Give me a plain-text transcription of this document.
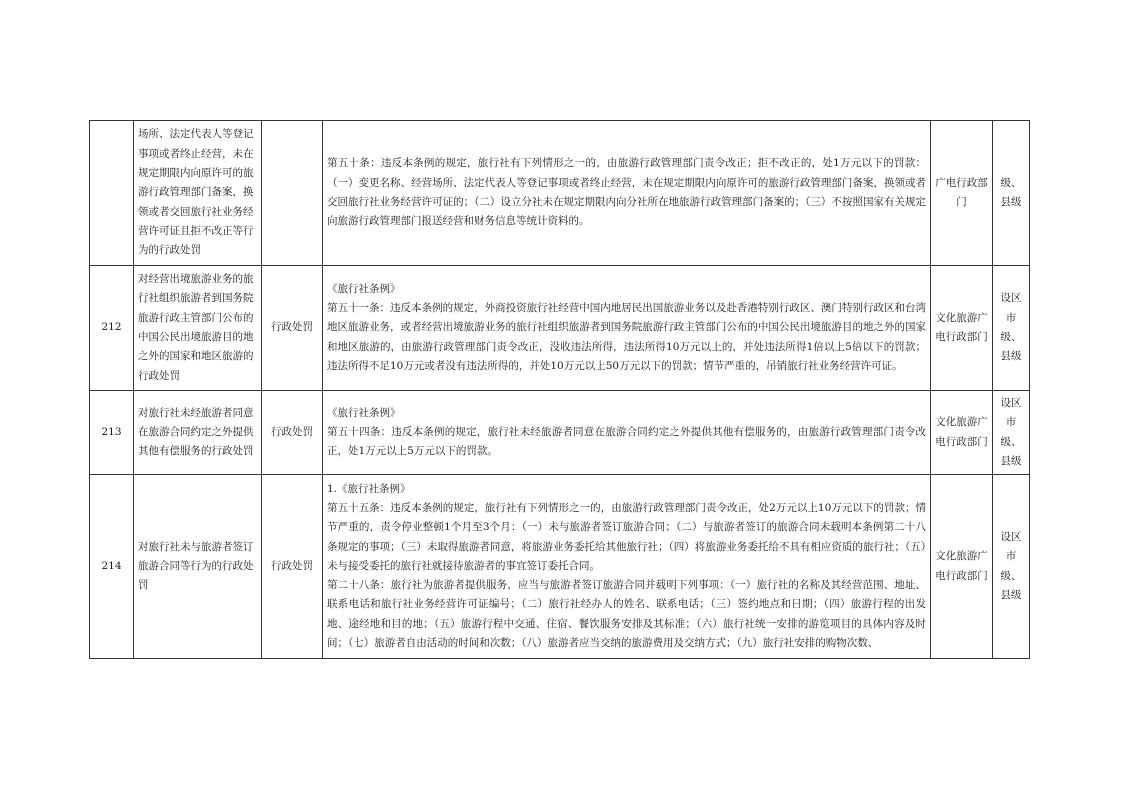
	场所、法定代表人等登记事项或者终止经营，未在规定期限内向原许可的旅游行政管理部门备案，换领或者交回旅行社业务经营许可证且拒不改正等行为的行政处罚		第五十条：违反本条例的规定，旅行社有下列情形之一的，由旅游行政管理部门责令改正；拒不改正的，处1万元以下的罚款：（一）变更名称、经营场所、法定代表人等登记事项或者终止经营，未在规定期限内向原许可的旅游行政管理部门备案，换领或者交回旅行社业务经营许可证的；（二）设立分社未在规定期限内向分社所在地旅游行政管理部门备案的；（三）不按照国家有关规定向旅游行政管理部门报送经营和财务信息等统计资料的。	广电行政部门	级、县级
212	对经营出境旅游业务的旅行社组织旅游者到国务院旅游行政主管部门公布的中国公民出境旅游目的地之外的国家和地区旅游的行政处罚	行政处罚	《旅行社条例》
第五十一条：违反本条例的规定，外商投资旅行社经营中国内地居民出国旅游业务以及赴香港特别行政区、澳门特别行政区和台湾地区旅游业务，或者经营出境旅游业务的旅行社组织旅游者到国务院旅游行政主管部门公布的中国公民出境旅游目的地之外的国家和地区旅游的，由旅游行政管理部门责令改正，没收违法所得，违法所得10万元以上的，并处违法所得1倍以上5倍以下的罚款；违法所得不足10万元或者没有违法所得的，并处10万元以上50万元以下的罚款；情节严重的，吊销旅行社业务经营许可证。	文化旅游广电行政部门	设区市级、县级
213	对旅行社未经旅游者同意在旅游合同约定之外提供其他有偿服务的行政处罚	行政处罚	《旅行社条例》
第五十四条：违反本条例的规定，旅行社未经旅游者同意在旅游合同约定之外提供其他有偿服务的，由旅游行政管理部门责令改正，处1万元以上5万元以下的罚款。	文化旅游广电行政部门	设区市级、县级
214	对旅行社未与旅游者签订旅游合同等行为的行政处罚	行政处罚	1.《旅行社条例》
第五十五条：违反本条例的规定，旅行社有下列情形之一的，由旅游行政管理部门责令改正，处2万元以上10万元以下的罚款；情节严重的，责令停业整顿1个月至3个月：（一）未与旅游者签订旅游合同；（二）与旅游者签订的旅游合同未载明本条例第二十八条规定的事项；（三）未取得旅游者同意，将旅游业务委托给其他旅行社；（四）将旅游业务委托给不具有相应资质的旅行社；（五）未与接受委托的旅行社就接待旅游者的事宜签订委托合同。
第二十八条：旅行社为旅游者提供服务，应当与旅游者签订旅游合同并载明下列事项：（一）旅行社的名称及其经营范围、地址、联系电话和旅行社业务经营许可证编号；（二）旅行社经办人的姓名、联系电话；（三）签约地点和日期；（四）旅游行程的出发地、途经地和目的地；（五）旅游行程中交通、住宿、餐饮服务安排及其标准；（六）旅行社统一安排的游览项目的具体内容及时间；（七）旅游者自由活动的时间和次数；（八）旅游者应当交纳的旅游费用及交纳方式；（九）旅行社安排的购物次数、	文化旅游广电行政部门	设区市级、县级
